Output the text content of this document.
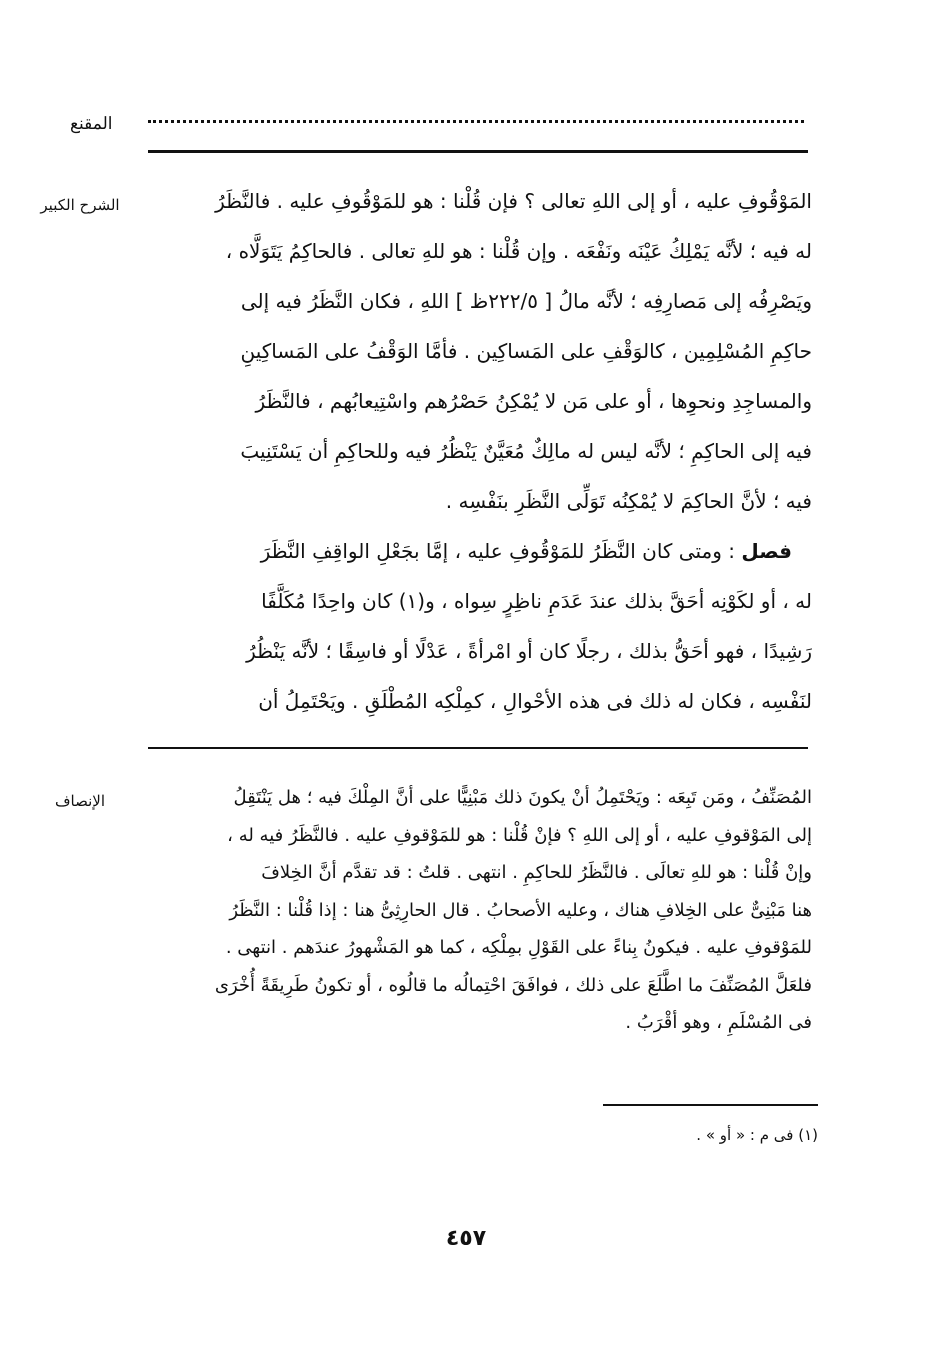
المقنع
الشرح الكبير	المَوْقُوفِ عليه ، أو إلى اللهِ تعالى ؟ فإن قُلْنا : هو للمَوْقُوفِ عليه . فالنَّظَرُ
له فيه ؛ لأنَّه يَمْلِكُ عَيْنَه ونَفْعَه . وإن قُلْنا : هو للهِ تعالى . فالحاكِمُ يَتَوَلَّاه ،
ويَصْرِفُه إلى مَصارِفِه ؛ لأنَّه مالُ [ ٢٢٢/٥ظ ] اللهِ ، فكان النَّظَرُ فيه إلى
حاكِمِ المُسْلِمِين ، كالوَقْفِ على المَساكِين . فأمَّا الوَقْفُ على المَساكِينِ
والمساجِدِ ونحوِها ، أو على مَن لا يُمْكِنُ حَصْرُهم واسْتِيعابُهم ، فالنَّظَرُ
فيه إلى الحاكِمِ ؛ لأنَّه ليس له مالِكٌ مُعَيَّنٌ يَنْظُرُ فيه وللحاكِمِ أن يَسْتَنِيبَ
فيه ؛ لأنَّ الحاكِمَ لا يُمْكِنُه تَوَلِّى النَّظَرِ بنَفْسِه .
فصل : ومتى كان النَّظَرُ للمَوْقُوفِ عليه ، إمَّا بجَعْلِ الواقِفِ النَّظَرَ
له ، أو لكَوْنِه أحَقَّ بذلك عندَ عَدَمِ ناظِرٍ سِواه ، و(١) كان واحِدًا مُكَلَّفًا
رَشِيدًا ، فهو أحَقُّ بذلك ، رجلًا كان أو امْرأةً ، عَدْلًا أو فاسِقًا ؛ لأنَّه يَنْظُرُ
لنَفْسِه ، فكان له ذلك فى هذه الأحْوالِ ، كمِلْكِه المُطْلَقِ . ويَحْتَمِلُ أن
الإنصاف	المُصَنِّفُ ، ومَن تَبِعَه : ويَحْتَمِلُ أنْ يكونَ ذلك مَبْنِيًّا على أنَّ المِلْكَ فيه ؛ هل يَنْتَقِلُ
إلى المَوْقوفِ عليه ، أو إلى اللهِ ؟ فإنْ قُلْنا : هو للمَوْقوفِ عليه . فالنَّظَرُ فيه له ،
وإنْ قُلْنا : هو للهِ تعالَى . فالنَّظَرُ للحاكِمِ . انتهى . قلتُ : قد تقدَّم أنَّ الخِلافَ
هنا مَبْنِىٌّ على الخِلافِ هناك ، وعليه الأصحابُ . قال الحارِثِىُّ هنا : إذا قُلْنا : النَّظَرُ
للمَوْقوفِ عليه . فيكونُ بِناءً على القَوْلِ بمِلْكِه ، كما هو المَشْهورُ عندَهم . انتهى .
فلعَلَّ المُصَنِّفَ ما اطَّلَعَ على ذلك ، فوافَقَ احْتِمالُه ما قالُوه ، أو تكونُ طَرِيقَةً أُخْرَى
فى المُسْلَمِ ، وهو أقْرَبُ .
(١) فى م : « أو » .
٤٥٧
